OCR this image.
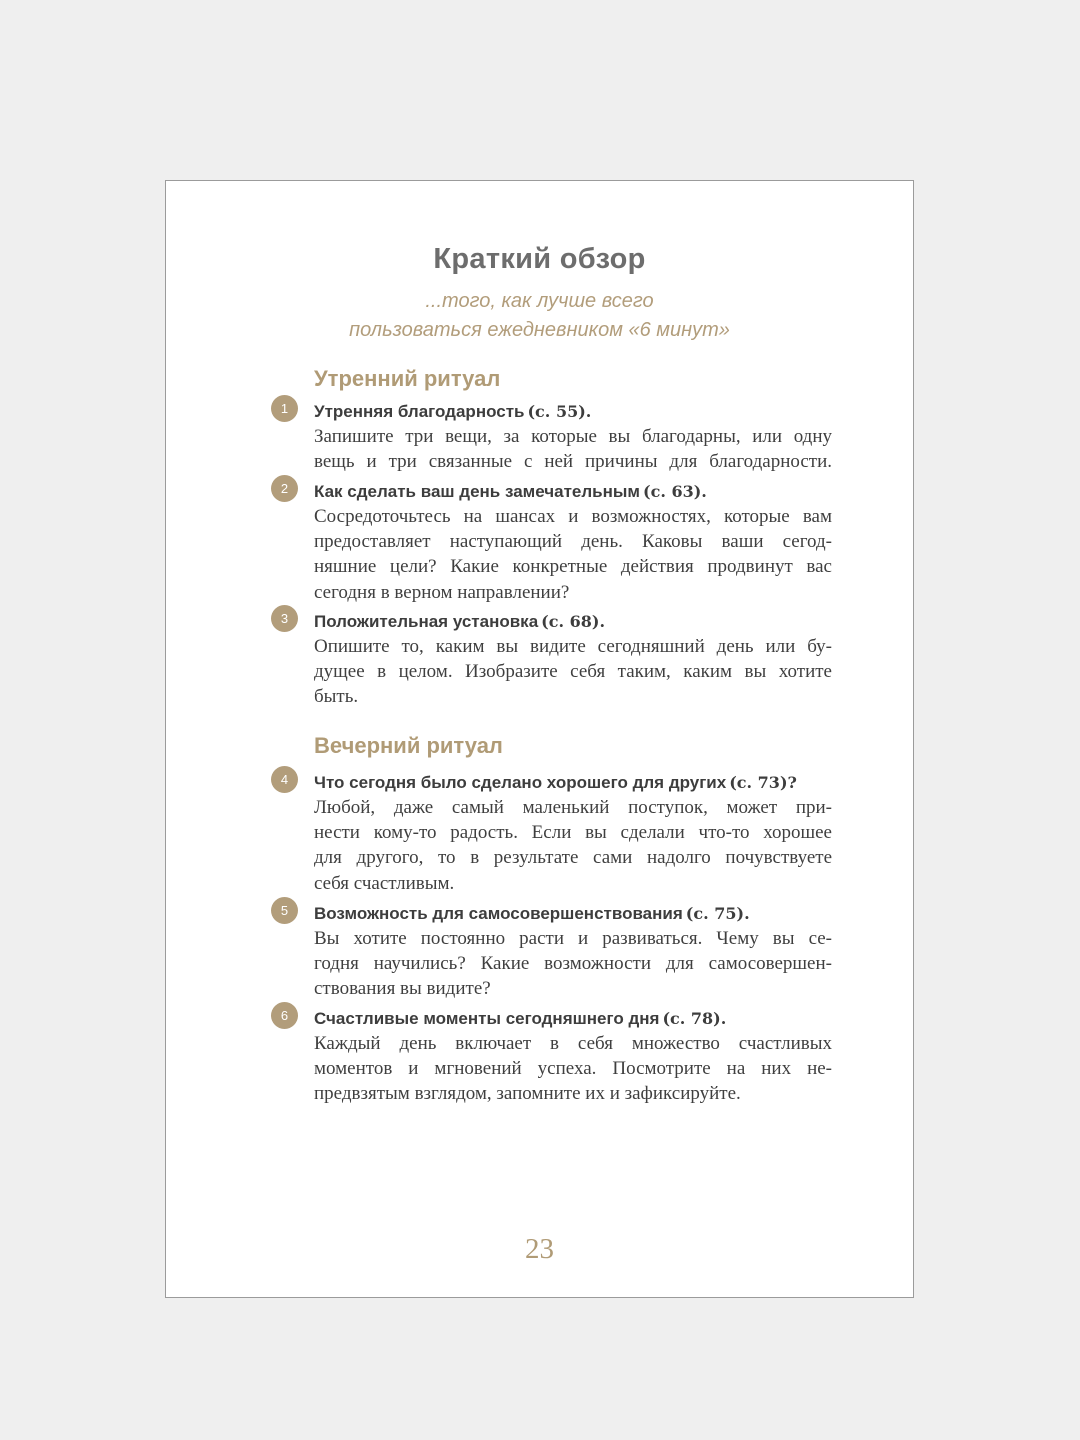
Краткий обзор
...того, как лучше всего
пользоваться ежедневником «6 минут»
Утренний ритуал
1	Утренняя благодарность (с. 55).
Запишите три вещи, за которые вы благодарны, или одну
вещь и три связанные с ней причины для благодарности.
2	Как сделать ваш день замечательным (с. 63).
Сосредоточьтесь на шансах и возможностях, которые вам
предоставляет наступающий день. Каковы ваши сегод-
няшние цели? Какие конкретные действия продвинут вас
сегодня в верном направлении?
3	Положительная установка (с. 68).
Опишите то, каким вы видите сегодняшний день или бу-
дущее в целом. Изобразите себя таким, каким вы хотите
быть.
Вечерний ритуал
4	Что сегодня было сделано хорошего для других (с. 73)?
Любой, даже самый маленький поступок, может при-
нести кому-то радость. Если вы сделали что-то хорошее
для другого, то в результате сами надолго почувствуете
себя счастливым.
5	Возможность для самосовершенствования (с. 75).
Вы хотите постоянно расти и развиваться. Чему вы се-
годня научились? Какие возможности для самосовершен-
ствования вы видите?
6	Счастливые моменты сегодняшнего дня (с. 78).
Каждый день включает в себя множество счастливых
моментов и мгновений успеха. Посмотрите на них не-
предвзятым взглядом, запомните их и зафиксируйте.
23
